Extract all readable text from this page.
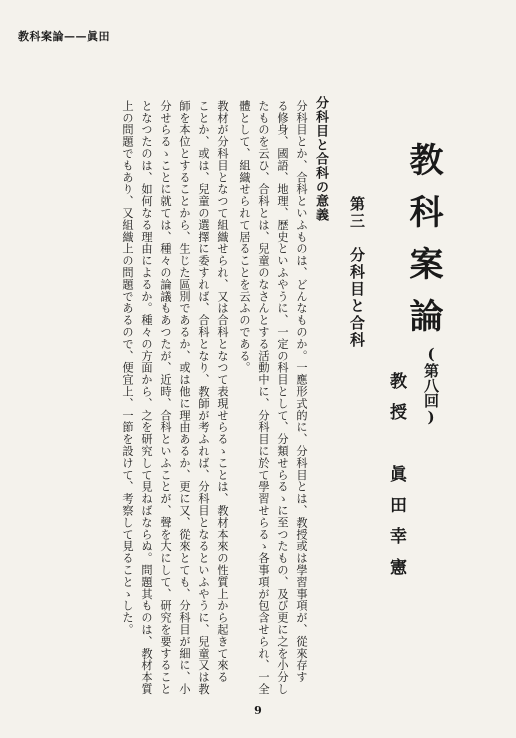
教科案論——眞田

教科案論

(第八回)

教授　眞田幸憲

第三　分科目と合科

分科目と合科の意義

分科目とか、合科といふものは、どんなものか。一應形式的に、分科目とは、教授或は學習事項が、從來存す

る修身、國語、地理、歴史といふやうに、一定の科目として、分類せらるゝに至つたもの、及び更に之を小分し

たものを云ひ、合科とは、兒童のなさんとする活動中に、分科目に於て學習せらるゝ各事項が包含せられ、一全

體として、組織せられて居ることを云ふのである。

教材が分科目となつて組織せられ、又は合科となつて表現せらるゝことは、教材本來の性質上から起きて來る

ことか、或は、兒童の選擇に委すれば、合科となり、教師が考ふれば、分科目となるといふやうに、兒童又は教

師を本位とすることから、生じた區別であるか、或は他に理由あるか、更に又、從來とても、分科目が細に、小

分せらるゝことに就ては、種々の論議もあつたが、近時、合科といふことが、聲を大にして、研究を要すること

となつたのは、如何なる理由によるか。種々の方面から、之を研究して見ねばならぬ。問題其ものは、教材本質

上の問題でもあり、又組織上の問題であるので、便宜上、一節を設けて、考察して見ることゝした。

9
